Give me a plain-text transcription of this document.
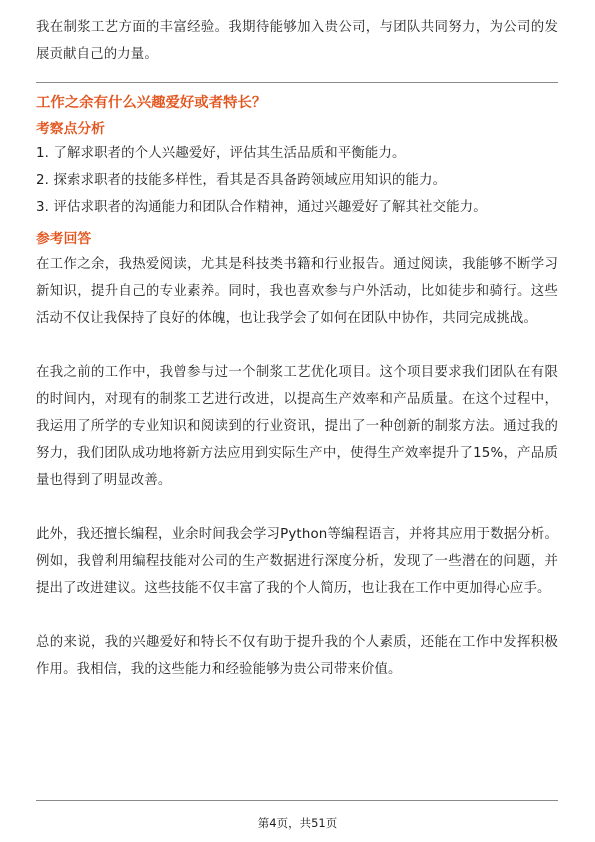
我在制浆工艺方面的丰富经验。我期待能够加入贵公司，与团队共同努力，为公司的发展贡献自己的力量。

工作之余有什么兴趣爱好或者特长？

考察点分析

1. 了解求职者的个人兴趣爱好，评估其生活品质和平衡能力。

2. 探索求职者的技能多样性，看其是否具备跨领域应用知识的能力。

3. 评估求职者的沟通能力和团队合作精神，通过兴趣爱好了解其社交能力。

参考回答

在工作之余，我热爱阅读，尤其是科技类书籍和行业报告。通过阅读，我能够不断学习新知识，提升自己的专业素养。同时，我也喜欢参与户外活动，比如徒步和骑行。这些活动不仅让我保持了良好的体魄，也让我学会了如何在团队中协作，共同完成挑战。

在我之前的工作中，我曾参与过一个制浆工艺优化项目。这个项目要求我们团队在有限的时间内，对现有的制浆工艺进行改进，以提高生产效率和产品质量。在这个过程中，我运用了所学的专业知识和阅读到的行业资讯，提出了一种创新的制浆方法。通过我的努力，我们团队成功地将新方法应用到实际生产中，使得生产效率提升了15%，产品质量也得到了明显改善。

此外，我还擅长编程，业余时间我会学习Python等编程语言，并将其应用于数据分析。例如，我曾利用编程技能对公司的生产数据进行深度分析，发现了一些潜在的问题，并提出了改进建议。这些技能不仅丰富了我的个人简历，也让我在工作中更加得心应手。

总的来说，我的兴趣爱好和特长不仅有助于提升我的个人素质，还能在工作中发挥积极作用。我相信，我的这些能力和经验能够为贵公司带来价值。

第4页，共51页
